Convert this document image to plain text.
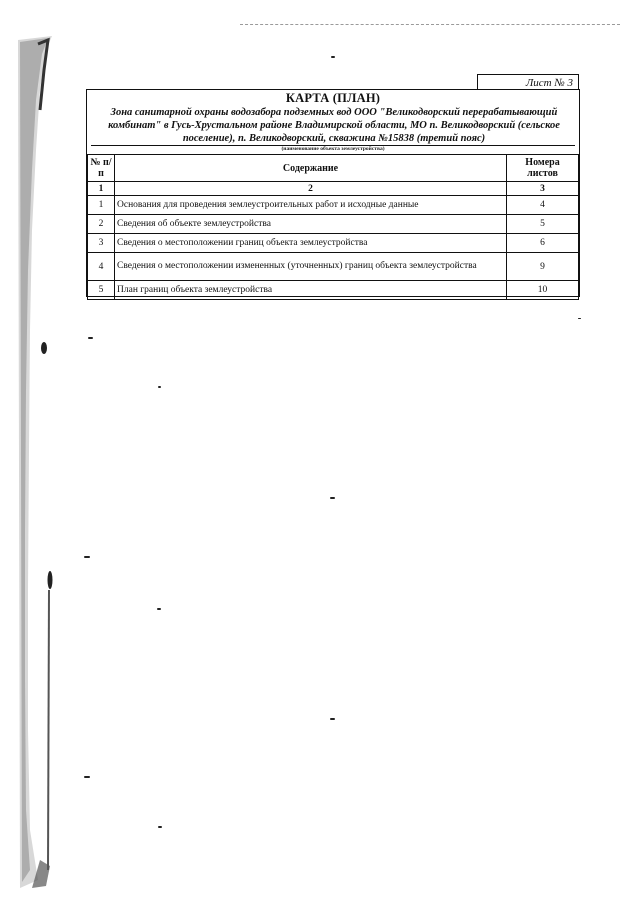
Лист № 3
КАРТА (ПЛАН)
Зона санитарной охраны водозабора подземных вод ООО "Великодворский перерабатывающий комбинат" в Гусь-Хрустальном районе Владимирской области, МО п. Великодворский (сельское поселение), п. Великодворский, скважина №15838 (третий пояс)
(наименование объекта землеустройства)
№ п/п	Содержание	Номера листов
1	2	3
1	Основания для проведения землеустроительных работ и исходные данные	4
2	Сведения об объекте землеустройства	5
3	Сведения о местоположении границ объекта землеустройства	6
4	Сведения о местоположении измененных (уточненных) границ объекта землеустройства	9
5	План границ объекта землеустройства	10
